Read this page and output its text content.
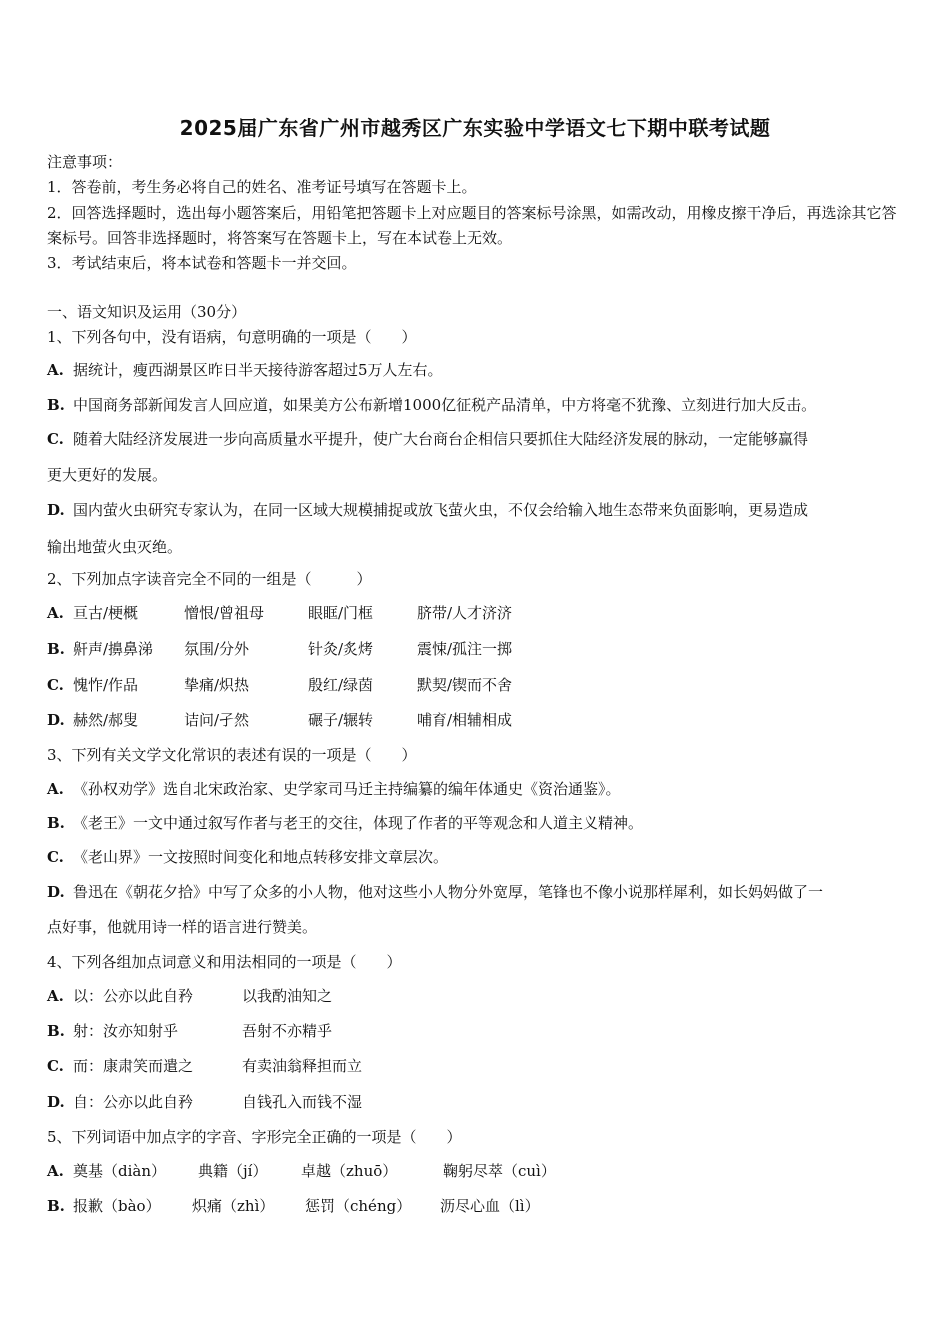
2025届广东省广州市越秀区广东实验中学语文七下期中联考试题
注意事项：
1．答卷前，考生务必将自己的姓名、准考证号填写在答题卡上。
2．回答选择题时，选出每小题答案后，用铅笔把答题卡上对应题目的答案标号涂黑，如需改动，用橡皮擦干净后，再选涂其它答案标号。回答非选择题时，将答案写在答题卡上，写在本试卷上无效。
3．考试结束后，将本试卷和答题卡一并交回。
一、语文知识及运用（30分）
1、下列各句中，没有语病，句意明确的一项是（　　）
A. 据统计，瘦西湖景区昨日半天接待游客超过5万人左右。
B. 中国商务部新闻发言人回应道，如果美方公布新增1000亿征税产品清单，中方将毫不犹豫、立刻进行加大反击。
C. 随着大陆经济发展进一步向高质量水平提升，使广大台商台企相信只要抓住大陆经济发展的脉动，一定能够赢得
更大更好的发展。
D. 国内萤火虫研究专家认为，在同一区域大规模捕捉或放飞萤火虫，不仅会给输入地生态带来负面影响，更易造成
输出地萤火虫灭绝。
2、下列加点字读音完全不同的一组是（　　　）
A. 亘古/梗概	憎恨/曾祖母	眼眶/门框	脐带/人才济济
B. 鼾声/擤鼻涕 氛围/分外	针灸/炙烤	震悚/孤注一掷
C. 愧怍/作品	挚痛/炽热	殷红/绿茵	默契/锲而不舍
D. 赫然/郝叟	诘问/孑然	碾子/辗转	哺育/相辅相成
3、下列有关文学文化常识的表述有误的一项是（　　）
A. 《孙权劝学》选自北宋政治家、史学家司马迁主持编纂的编年体通史《资治通鉴》。
B. 《老王》一文中通过叙写作者与老王的交往，体现了作者的平等观念和人道主义精神。
C. 《老山界》一文按照时间变化和地点转移安排文章层次。
D. 鲁迅在《朝花夕拾》中写了众多的小人物，他对这些小人物分外宽厚，笔锋也不像小说那样犀利，如长妈妈做了一
点好事，他就用诗一样的语言进行赞美。
4、下列各组加点词意义和用法相同的一项是（　　）
A. 以：公亦以此自矜	以我酌油知之
B. 射：汝亦知射乎	吾射不亦精乎
C. 而：康肃笑而遣之	有卖油翁释担而立
D. 自：公亦以此自矜	自钱孔入而钱不湿
5、下列词语中加点字的字音、字形完全正确的一项是（　　）
A. 奠基（diàn） 典籍（jí） 卓越（zhuō）	鞠躬尽萃（cuì）
B. 报歉（bào） 炽痛（zhì） 惩罚（chéng） 沥尽心血（lì）
